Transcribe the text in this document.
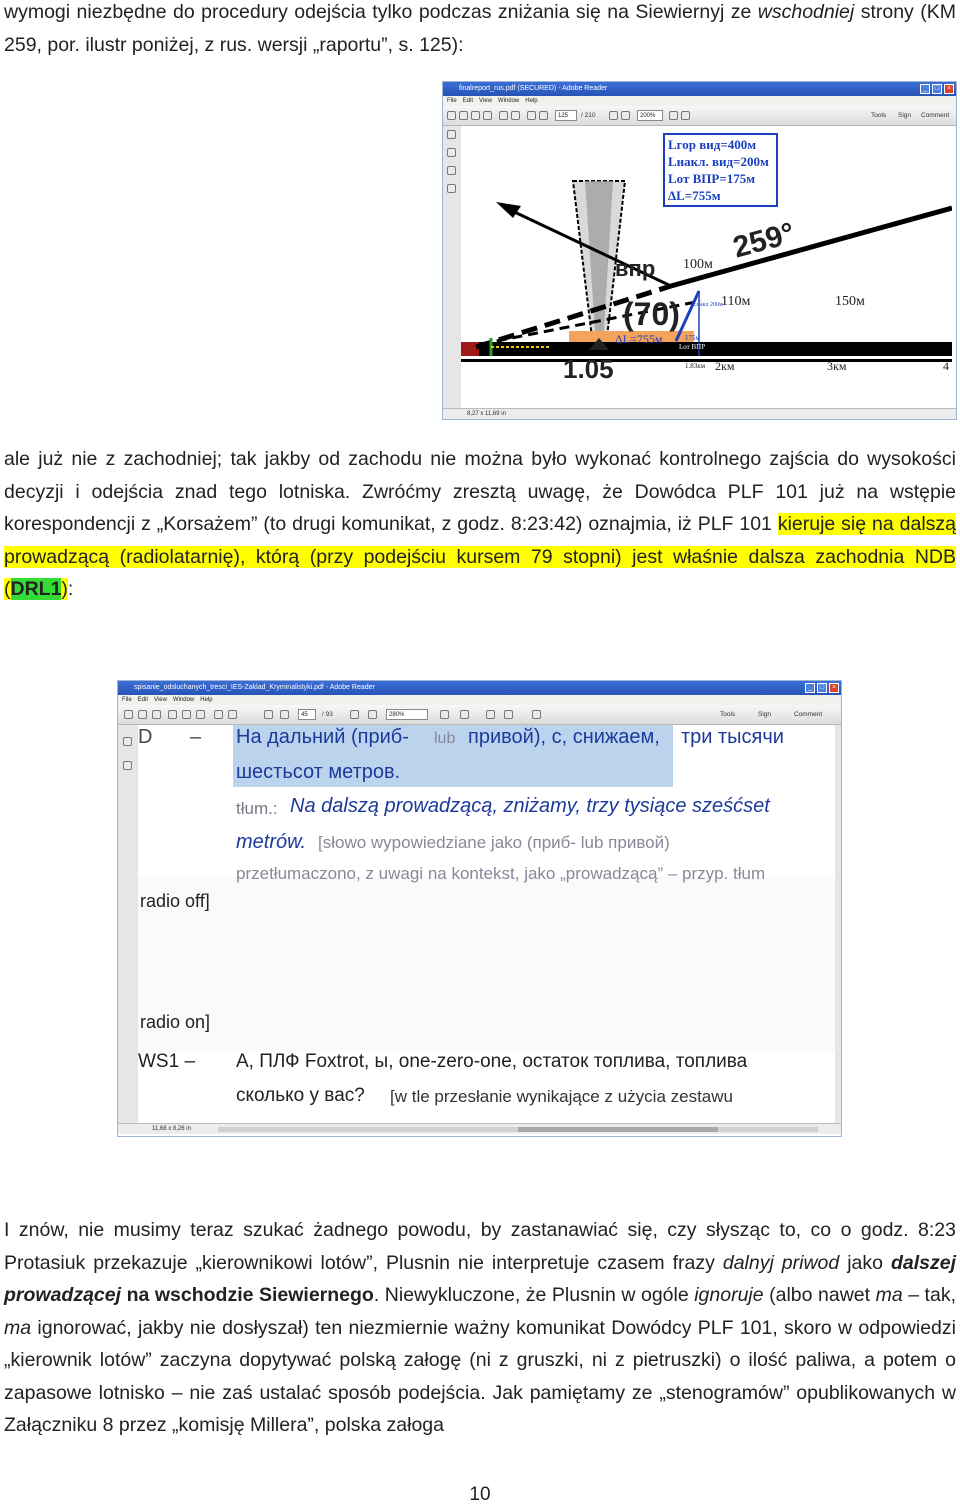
wymogi niezbędne do procedury odejścia tylko podczas zniżania się na Siewiernyj ze wschodniej strony (KM 259, por. ilustr poniżej, z rus. wersji „raportu”, s. 125):
finalreport_rus.pdf (SECURED) - Adobe Reader	_	□	×
File Edit View Window Help
125	/ 210	200%	Tools Sign Comment
Lгор вид=400м
Lнакл. вид=200м
Lот ВПР=175м
ΔL=755м
259°
впр 100м
110м	150м
(70)
ΔL=755м
Lнакл 200м
175м
Lот ВПР
1.83км 2км	3км	4
1.05
8,27 x 11,69 in
ale już nie z zachodniej; tak jakby od zachodu nie można było wykonać kontrolnego zajścia do wysokości decyzji i odejścia znad tego lotniska. Zwróćmy zresztą uwagę, że Dowódca PLF 101 już na wstępie korespondencji z „Korsażem” (to drugi komunikat, z godz. 8:23:42) oznajmia, iż PLF 101 kieruje się na dalszą prowadzącą (radiolatarnię), którą (przy podejściu kursem 79 stopni) jest właśnie dalsza zachodnia NDB (DRL1):
spisanie_odsluchanych_tresci_IES-Zaklad_Kryminalistyki.pdf - Adobe Reader	_	□	×
File Edit View Window Help
45	/ 93	280%	Tools	Sign	Comment
D – На дальний (приб- lub привой), с, снижаем, три тысячи
шестьсот метров.
tłum.: Na dalszą prowadzącą, zniżamy, trzy tysiące sześćset
metrów. [słowo wypowiedziane jako (приб- lub привой)
przetłumaczono, z uwagi na kontekst, jako „prowadzącą” – przyp. tłum
radio off]
radio on]
WS1 – А, ПЛФ Foxtrot, ы, one-zero-one, остаток топлива, топлива
сколько у вас? [w tle przesłanie wynikające z użycia zestawu
11,68 x 8,26 in
I znów, nie musimy teraz szukać żadnego powodu, by zastanawiać się, czy słysząc to, co o godz. 8:23 Protasiuk przekazuje „kierownikowi lotów”, Plusnin nie interpretuje czasem frazy dalnyj priwod jako dalszej prowadzącej na wschodzie Siewiernego. Niewykluczone, że Plusnin w ogóle ignoruje (albo nawet ma – tak, ma ignorować, jakby nie dosłyszał) ten niezmiernie ważny komunikat Dowódcy PLF 101, skoro w odpowiedzi „kierownik lotów” zaczyna dopytywać polską załogę (ni z gruszki, ni z pietruszki) o ilość paliwa, a potem o zapasowe lotnisko – nie zaś ustalać sposób podejścia. Jak pamiętamy ze „stenogramów” opublikowanych w Załączniku 8 przez „komisję Millera”, polska załoga
10
